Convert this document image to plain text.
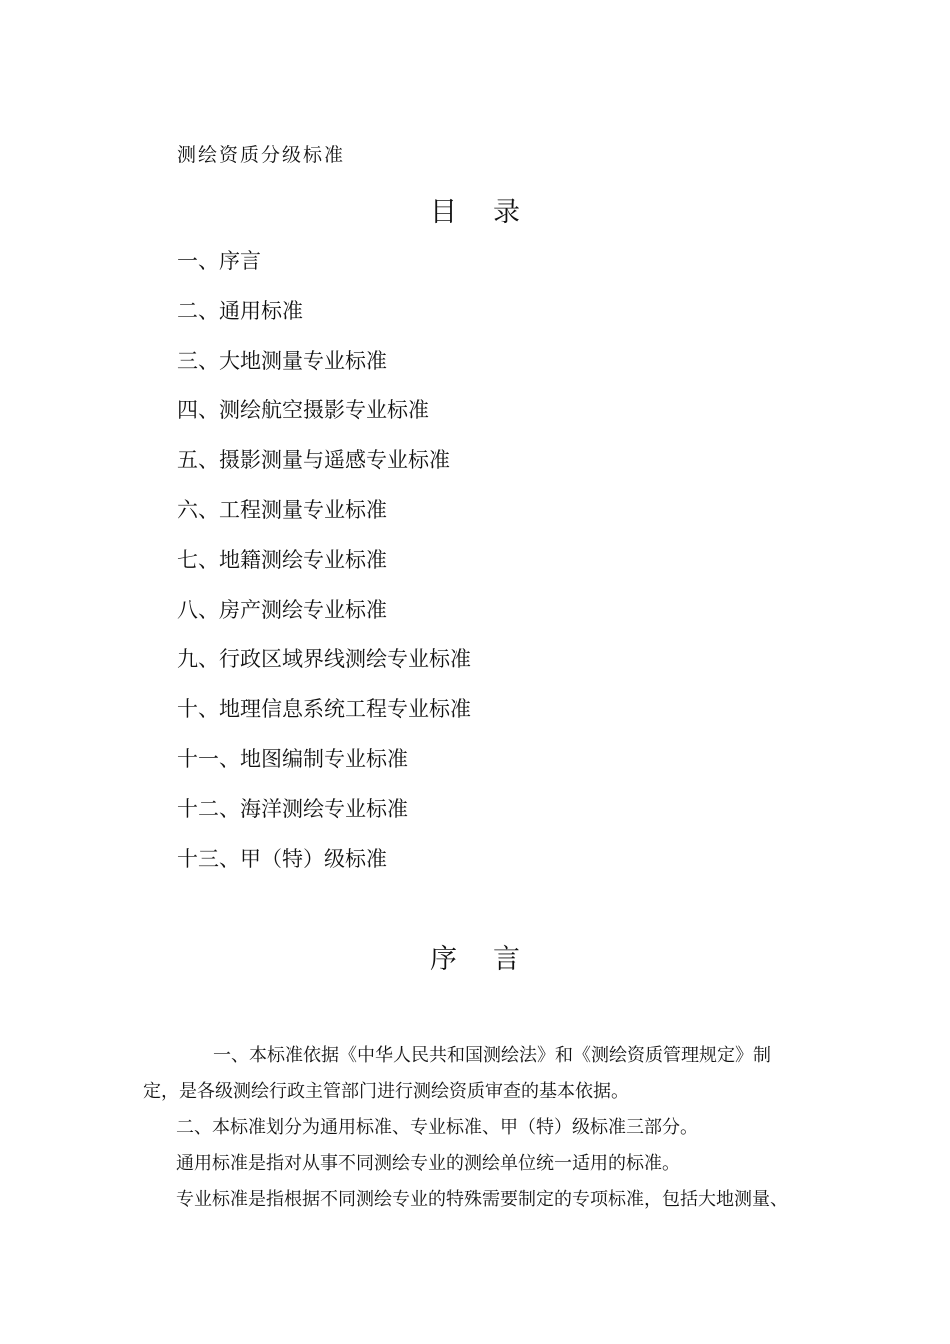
测绘资质分级标准
目 录
一、序言
二、通用标准
三、大地测量专业标准
四、测绘航空摄影专业标准
五、摄影测量与遥感专业标准
六、工程测量专业标准
七、地籍测绘专业标准
八、房产测绘专业标准
九、行政区域界线测绘专业标准
十、地理信息系统工程专业标准
十一、地图编制专业标准
十二、海洋测绘专业标准
十三、甲（特）级标准
序 言

一、本标准依据《中华人民共和国测绘法》和《测绘资质管理规定》制

定，是各级测绘行政主管部门进行测绘资质审查的基本依据。

二、本标准划分为通用标准、专业标准、甲（特）级标准三部分。

通用标准是指对从事不同测绘专业的测绘单位统一适用的标准。

专业标准是指根据不同测绘专业的特殊需要制定的专项标准，包括大地测量、
